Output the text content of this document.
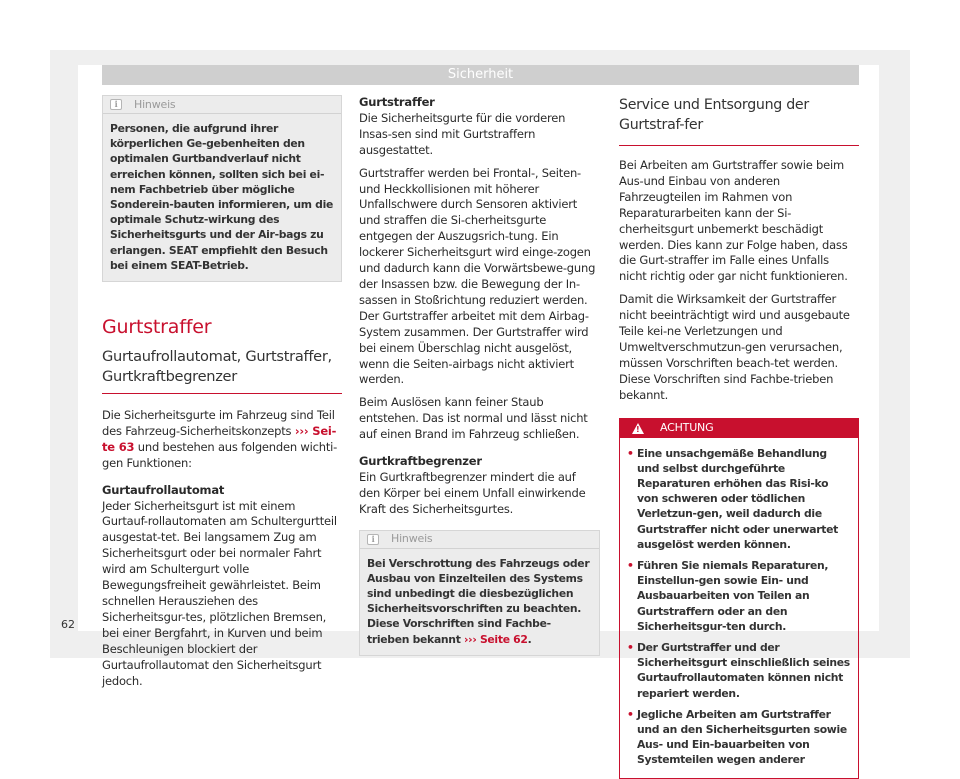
Sicherheit
i	Hinweis
Personen, die aufgrund ihrer körperlichen Ge-gebenheiten den optimalen Gurtbandverlauf nicht erreichen können, sollten sich bei ei-nem Fachbetrieb über mögliche Sonderein-bauten informieren, um die optimale Schutz-wirkung des Sicherheitsgurts und der Air-bags zu erlangen. SEAT empfiehlt den Besuch bei einem SEAT-Betrieb.
Gurtstraffer
Gurtaufrollautomat, Gurtstraffer, Gurtkraftbegrenzer

Die Sicherheitsgurte im Fahrzeug sind Teil des Fahrzeug-Sicherheitskonzepts ››› Sei-te 63 und bestehen aus folgenden wichti-gen Funktionen:

Gurtaufrollautomat

Jeder Sicherheitsgurt ist mit einem Gurtauf-rollautomaten am Schultergurtteil ausgestat-tet. Bei langsamem Zug am Sicherheitsgurt oder bei normaler Fahrt wird am Schultergurt volle Bewegungsfreiheit gewährleistet. Beim schnellen Herausziehen des Sicherheitsgur-tes, plötzlichen Bremsen, bei einer Bergfahrt, in Kurven und beim Beschleunigen blockiert der Gurtaufrollautomat den Sicherheitsgurt jedoch.

Gurtstraffer

Die Sicherheitsgurte für die vorderen Insas-sen sind mit Gurtstraffern ausgestattet.

Gurtstraffer werden bei Frontal-, Seiten- und Heckkollisionen mit höherer Unfallschwere durch Sensoren aktiviert und straffen die Si-cherheitsgurte entgegen der Auszugsrich-tung. Ein lockerer Sicherheitsgurt wird einge-zogen und dadurch kann die Vorwärtsbewe-gung der Insassen bzw. die Bewegung der In-sassen in Stoßrichtung reduziert werden. Der Gurtstraffer arbeitet mit dem Airbag-System zusammen. Der Gurtstraffer wird bei einem Überschlag nicht ausgelöst, wenn die Seiten-airbags nicht aktiviert werden.

Beim Auslösen kann feiner Staub entstehen. Das ist normal und lässt nicht auf einen Brand im Fahrzeug schließen.

Gurtkraftbegrenzer

Ein Gurtkraftbegrenzer mindert die auf den Körper bei einem Unfall einwirkende Kraft des Sicherheitsgurtes.

i	Hinweis
Bei Verschrottung des Fahrzeugs oder Ausbau von Einzelteilen des Systems sind unbedingt die diesbezüglichen Sicherheitsvorschriften zu beachten. Diese Vorschriften sind Fachbe-trieben bekannt ››› Seite 62.
Service und Entsorgung der Gurtstraf-fer

Bei Arbeiten am Gurtstraffer sowie beim Aus-und Einbau von anderen Fahrzeugteilen im Rahmen von Reparaturarbeiten kann der Si-cherheitsgurt unbemerkt beschädigt werden. Dies kann zur Folge haben, dass die Gurt-straffer im Falle eines Unfalls nicht richtig oder gar nicht funktionieren.

Damit die Wirksamkeit der Gurtstraffer nicht beeinträchtigt wird und ausgebaute Teile kei-ne Verletzungen und Umweltverschmutzun-gen verursachen, müssen Vorschriften beach-tet werden. Diese Vorschriften sind Fachbe-trieben bekannt.

! ACHTUNG
• Eine unsachgemäße Behandlung und selbst durchgeführte Reparaturen erhöhen das Risi-ko von schweren oder tödlichen Verletzun-gen, weil dadurch die Gurtstraffer nicht oder unerwartet ausgelöst werden können.
• Führen Sie niemals Reparaturen, Einstellun-gen sowie Ein- und Ausbauarbeiten von Teilen an Gurtstraffern oder an den Sicherheitsgur-ten durch.
• Der Gurtstraffer und der Sicherheitsgurt einschließlich seines Gurtaufrollautomaten können nicht repariert werden.
• Jegliche Arbeiten am Gurtstraffer und an den Sicherheitsgurten sowie Aus- und Ein-bauarbeiten von Systemteilen wegen anderer
62
